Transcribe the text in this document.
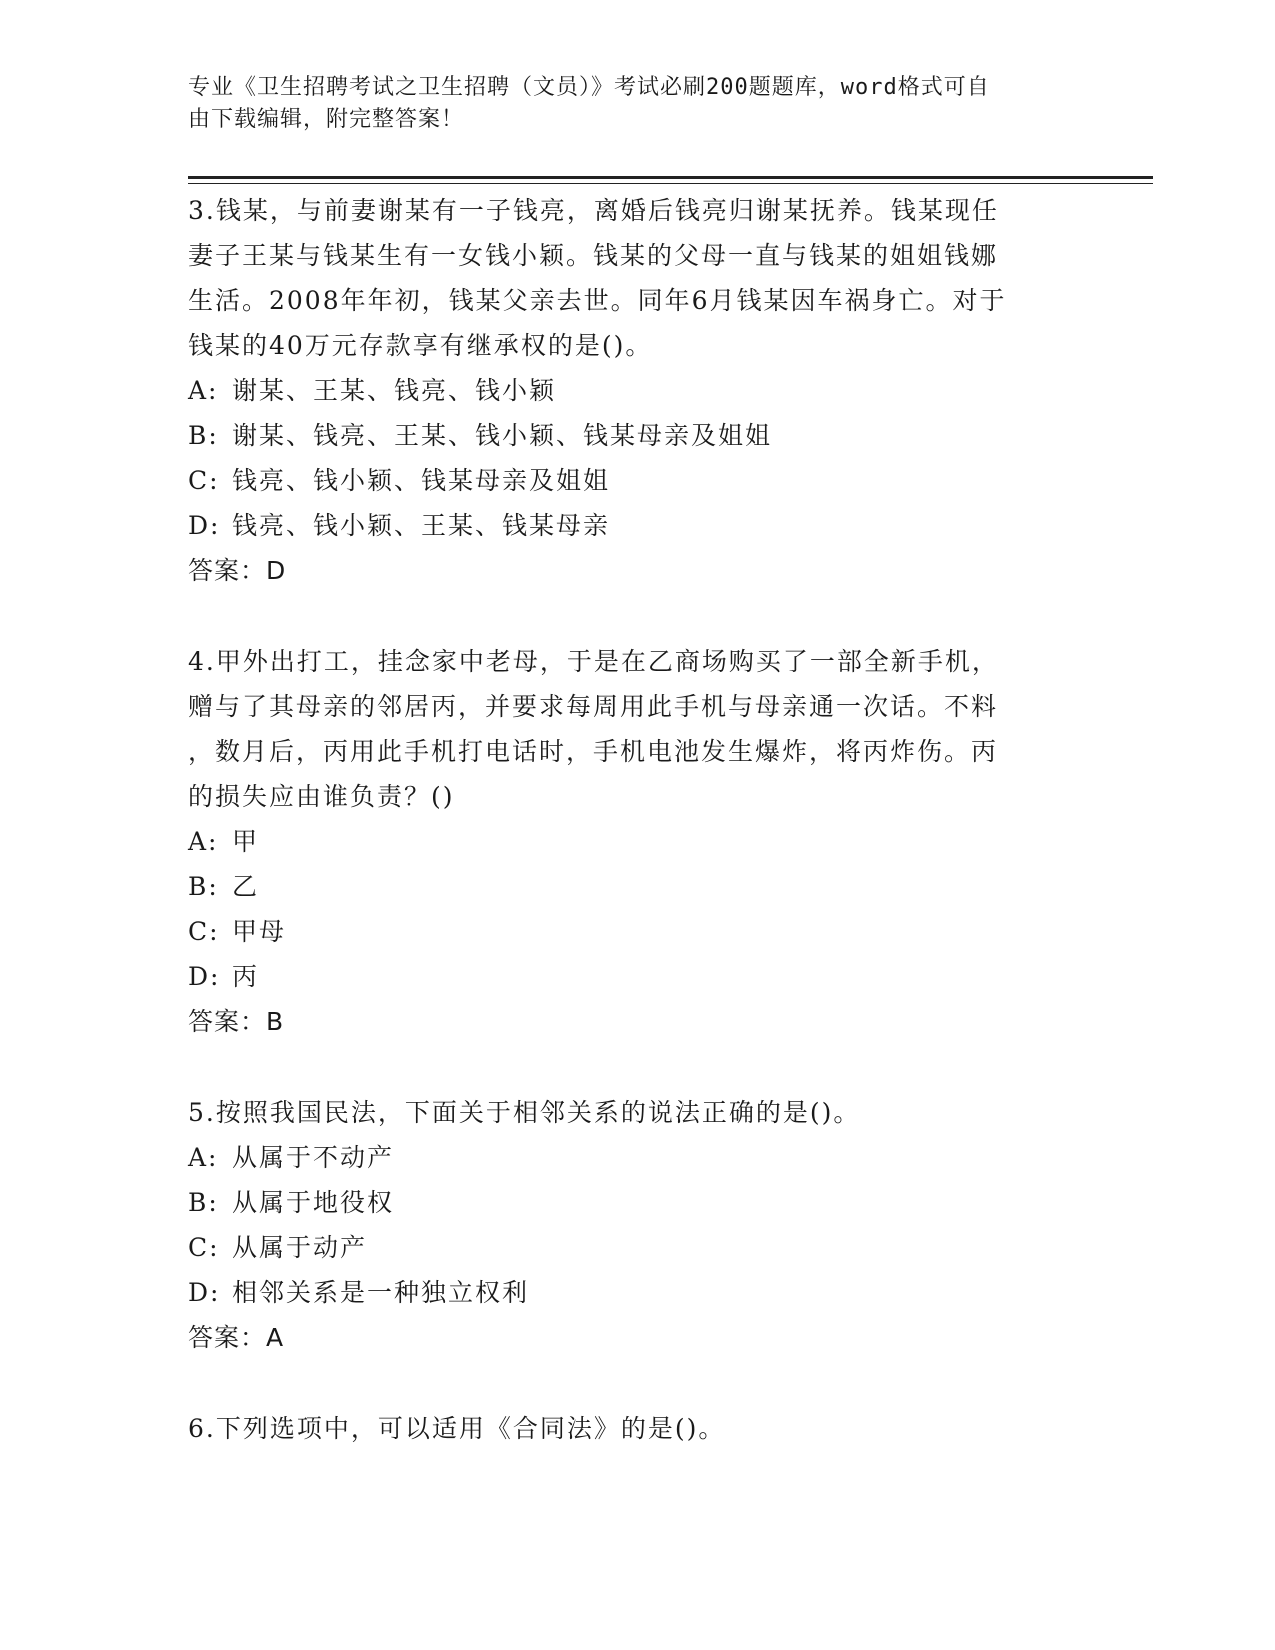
专业《卫生招聘考试之卫生招聘（文员）》考试必刷200题题库，word格式可自
由下载编辑，附完整答案！

3.钱某，与前妻谢某有一子钱亮，离婚后钱亮归谢某抚养。钱某现任

妻子王某与钱某生有一女钱小颖。钱某的父母一直与钱某的姐姐钱娜

生活。2008年年初，钱某父亲去世。同年6月钱某因车祸身亡。对于

钱某的40万元存款享有继承权的是()。

A: 谢某、王某、钱亮、钱小颖
B: 谢某、钱亮、王某、钱小颖、钱某母亲及姐姐
C: 钱亮、钱小颖、钱某母亲及姐姐
D: 钱亮、钱小颖、王某、钱某母亲

答案：D

4.甲外出打工，挂念家中老母，于是在乙商场购买了一部全新手机，

赠与了其母亲的邻居丙，并要求每周用此手机与母亲通一次话。不料

，数月后，丙用此手机打电话时，手机电池发生爆炸，将丙炸伤。丙

的损失应由谁负责？()

A: 甲
B: 乙
C: 甲母
D: 丙

答案：B

5.按照我国民法，下面关于相邻关系的说法正确的是()。

A: 从属于不动产
B: 从属于地役权
C: 从属于动产
D: 相邻关系是一种独立权利

答案：A

6.下列选项中，可以适用《合同法》的是()。
